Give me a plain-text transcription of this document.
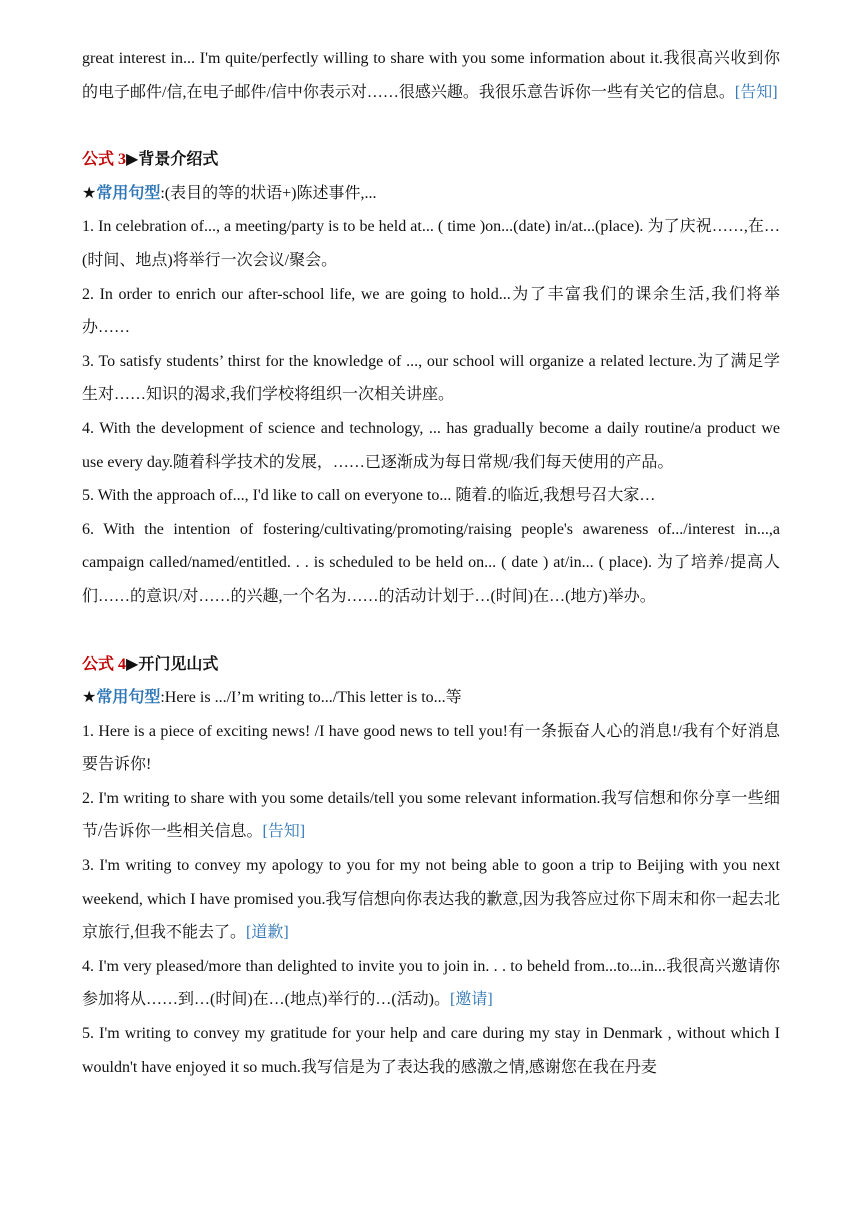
great interest in... I'm quite/perfectly willing to share with you some information about it.我很高兴收到你的电子邮件/信,在电子邮件/信中你表示对……很感兴趣。我很乐意告诉你一些有关它的信息。[告知]

公式 3▶背景介绍式

★常用句型:(表目的等的状语+)陈述事件,...

1. In celebration of..., a meeting/party is to be held at... ( time )on...(date) in/at...(place). 为了庆祝……,在…(时间、地点)将举行一次会议/聚会。

2. In order to enrich our after-school life, we are going to hold...为了丰富我们的课余生活,我们将举办……

3. To satisfy students’ thirst for the knowledge of ..., our school will organize a related lecture.为了满足学生对……知识的渴求,我们学校将组织一次相关讲座。

4. With the development of science and technology, ... has gradually become a daily routine/a product we use every day.随着科学技术的发展，……已逐渐成为每日常规/我们每天使用的产品。

5. With the approach of..., I'd like to call on everyone to... 随着.的临近,我想号召大家…

6. With the intention of fostering/cultivating/promoting/raising people's awareness of.../interest in...,a campaign called/named/entitled. . . is scheduled to be held on... ( date ) at/in... ( place). 为了培养/提高人们……的意识/对……的兴趣,一个名为……的活动计划于…(时间)在…(地方)举办。

公式 4▶开门见山式

★常用句型:Here is .../I’m writing to.../This letter is to...等

1. Here is a piece of exciting news! /I have good news to tell you!有一条振奋人心的消息!/我有个好消息要告诉你!

2. I'm writing to share with you some details/tell you some relevant information.我写信想和你分享一些细节/告诉你一些相关信息。[告知]

3. I'm writing to convey my apology to you for my not being able to goon a trip to Beijing with you next weekend, which I have promised you.我写信想向你表达我的歉意,因为我答应过你下周末和你一起去北京旅行,但我不能去了。[道歉]

4. I'm very pleased/more than delighted to invite you to join in. . . to beheld from...to...in...我很高兴邀请你参加将从……到…(时间)在…(地点)举行的…(活动)。[邀请]

5. I'm writing to convey my gratitude for your help and care during my stay in Denmark , without which I wouldn't have enjoyed it so much.我写信是为了表达我的感激之情,感谢您在我在丹麦
